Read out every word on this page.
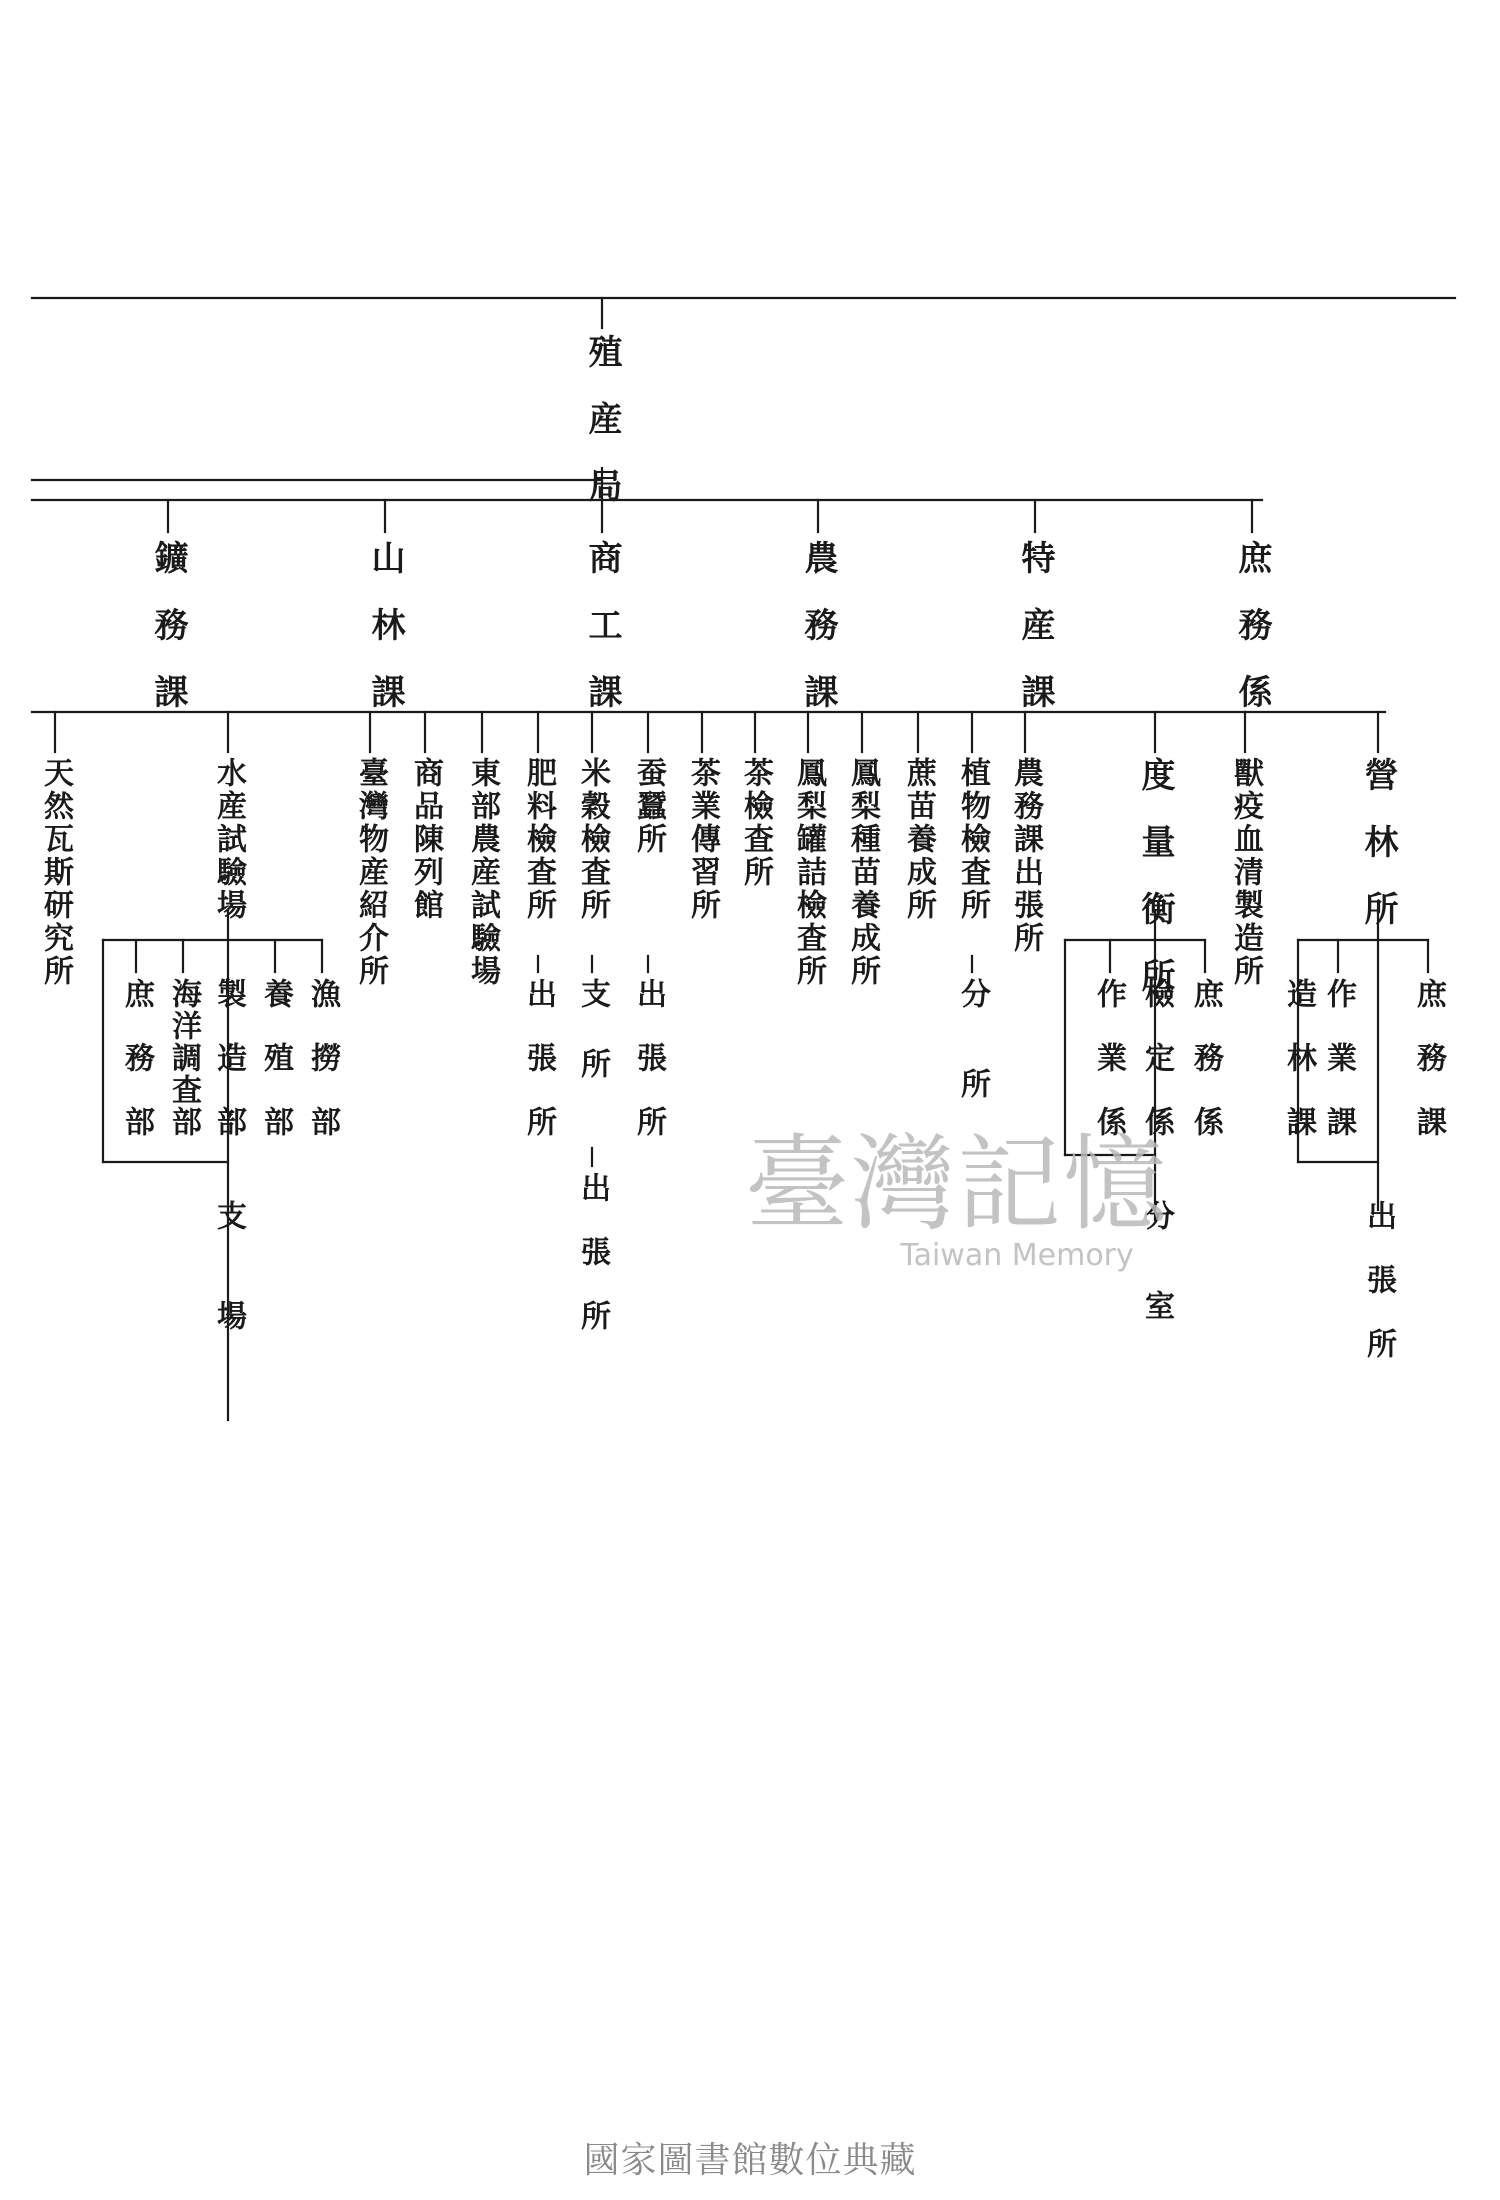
殖産局
鑛務課	山林課	商工課	農務課	特産課	庶務係
天然瓦斯研究所	水産試驗場	臺灣物産紹介所 商品陳列館 東部農産試驗場 肥料檢査所 米穀檢査所 蚕蠶所 茶業傳習所 茶檢査所 鳳梨罐詰檢査所 鳳梨種苗養成所 蔗苗養成所 植物檢査所 農務課出張所	度量衡所 獸疫血清製造所	營林所
漁撈部
養殖部
製造部
海洋調査部
庶務部
支場
出張所 支所
出張所
出張所	分所	庶務係
檢定係
作業係
分室
庶務課
作業課
造林課
出張所
臺灣記憶
Taiwan Memory
國家圖書館數位典藏
